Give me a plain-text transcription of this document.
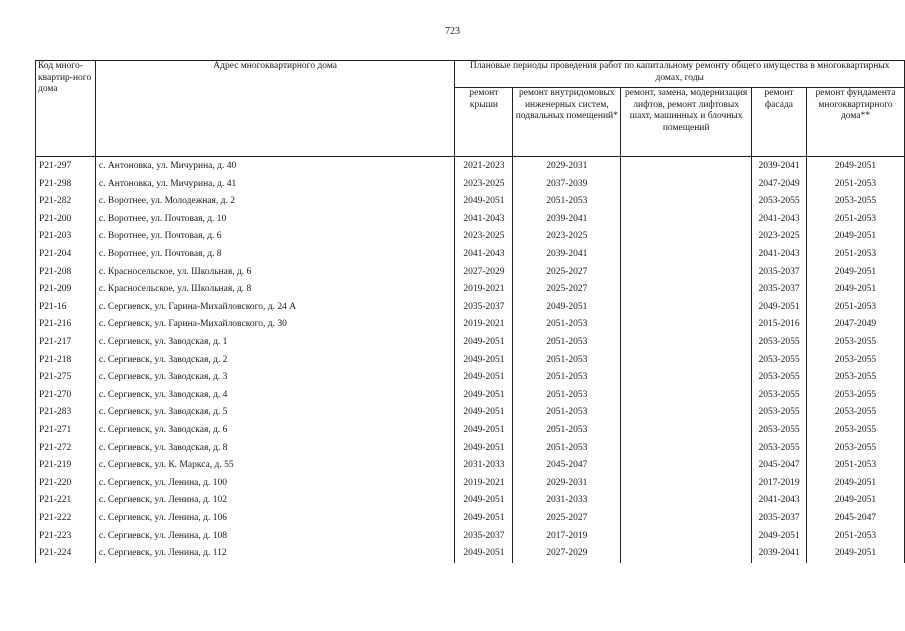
723
Код много-квартир-ного дома	Адрес многоквартирного дома	Плановые периоды проведения работ по капитальному ремонту общего имущества в многоквартирных домах, годы				
		ремонт крыши	ремонт внутридомовых инженерных систем, подвальных помещений*	ремонт, замена, модернизация лифтов, ремонт лифтовых шахт, машинных и блочных помещений	ремонт фасада	ремонт фундамента многоквартирного дома**
P21-297	с. Антоновка, ул. Мичурина, д. 40	2021-2023	2029-2031		2039-2041	2049-2051
P21-298	с. Антоновка, ул. Мичурина, д. 41	2023-2025	2037-2039		2047-2049	2051-2053
P21-282	с. Воротнее, ул. Молодежная, д. 2	2049-2051	2051-2053		2053-2055	2053-2055
P21-200	с. Воротнее, ул. Почтовая, д. 10	2041-2043	2039-2041		2041-2043	2051-2053
P21-203	с. Воротнее, ул. Почтовая, д. 6	2023-2025	2023-2025		2023-2025	2049-2051
P21-204	с. Воротнее, ул. Почтовая, д. 8	2041-2043	2039-2041		2041-2043	2051-2053
P21-208	с. Красносельское, ул. Школьная, д. 6	2027-2029	2025-2027		2035-2037	2049-2051
P21-209	с. Красносельское, ул. Школьная, д. 8	2019-2021	2025-2027		2035-2037	2049-2051
P21-16	с. Сергиевск, ул. Гарина-Михайловского, д. 24 А	2035-2037	2049-2051		2049-2051	2051-2053
P21-216	с. Сергиевск, ул. Гарина-Михайловского, д. 30	2019-2021	2051-2053		2015-2016	2047-2049
P21-217	с. Сергиевск, ул. Заводская, д. 1	2049-2051	2051-2053		2053-2055	2053-2055
P21-218	с. Сергиевск, ул. Заводская, д. 2	2049-2051	2051-2053		2053-2055	2053-2055
P21-275	с. Сергиевск, ул. Заводская, д. 3	2049-2051	2051-2053		2053-2055	2053-2055
P21-270	с. Сергиевск, ул. Заводская, д. 4	2049-2051	2051-2053		2053-2055	2053-2055
P21-283	с. Сергиевск, ул. Заводская, д. 5	2049-2051	2051-2053		2053-2055	2053-2055
P21-271	с. Сергиевск, ул. Заводская, д. 6	2049-2051	2051-2053		2053-2055	2053-2055
P21-272	с. Сергиевск, ул. Заводская, д. 8	2049-2051	2051-2053		2053-2055	2053-2055
P21-219	с. Сергиевск, ул. К. Маркса, д. 55	2031-2033	2045-2047		2045-2047	2051-2053
P21-220	с. Сергиевск, ул. Ленина, д. 100	2019-2021	2029-2031		2017-2019	2049-2051
P21-221	с. Сергиевск, ул. Ленина, д. 102	2049-2051	2031-2033		2041-2043	2049-2051
P21-222	с. Сергиевск, ул. Ленина, д. 106	2049-2051	2025-2027		2035-2037	2045-2047
P21-223	с. Сергиевск, ул. Ленина, д. 108	2035-2037	2017-2019		2049-2051	2051-2053
P21-224	с. Сергиевск, ул. Ленина, д. 112	2049-2051	2027-2029		2039-2041	2049-2051
